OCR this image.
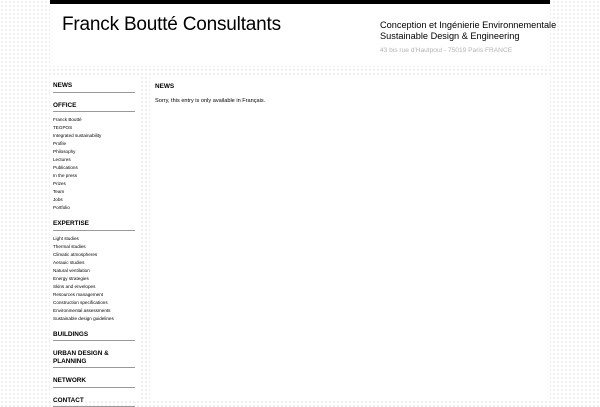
Franck Boutté Consultants	Conception et Ingénierie Environnementale
Sustainable Design & Engineering
43 bis rue d'Hautpoul - 75019 Paris FRANCE
NEWS
OFFICE
Franck Boutté
TEGPOS
Integrated sustainability
Profile
Philosophy
Lectures
Publications
In the press
Prizes
Team
Jobs
Portfolio
EXPERTISE
Light studies
Thermal studies
Climatic atmospheres
Aerauic studies
Natural ventilation
Energy strategies
Skins and envelopes
Resources management
Construction specifications
Environmental assessments
Sustainable design guidelines
BUILDINGS
URBAN DESIGN & PLANNING
NETWORK
CONTACT
NEWS
Sorry, this entry is only available in Français.
